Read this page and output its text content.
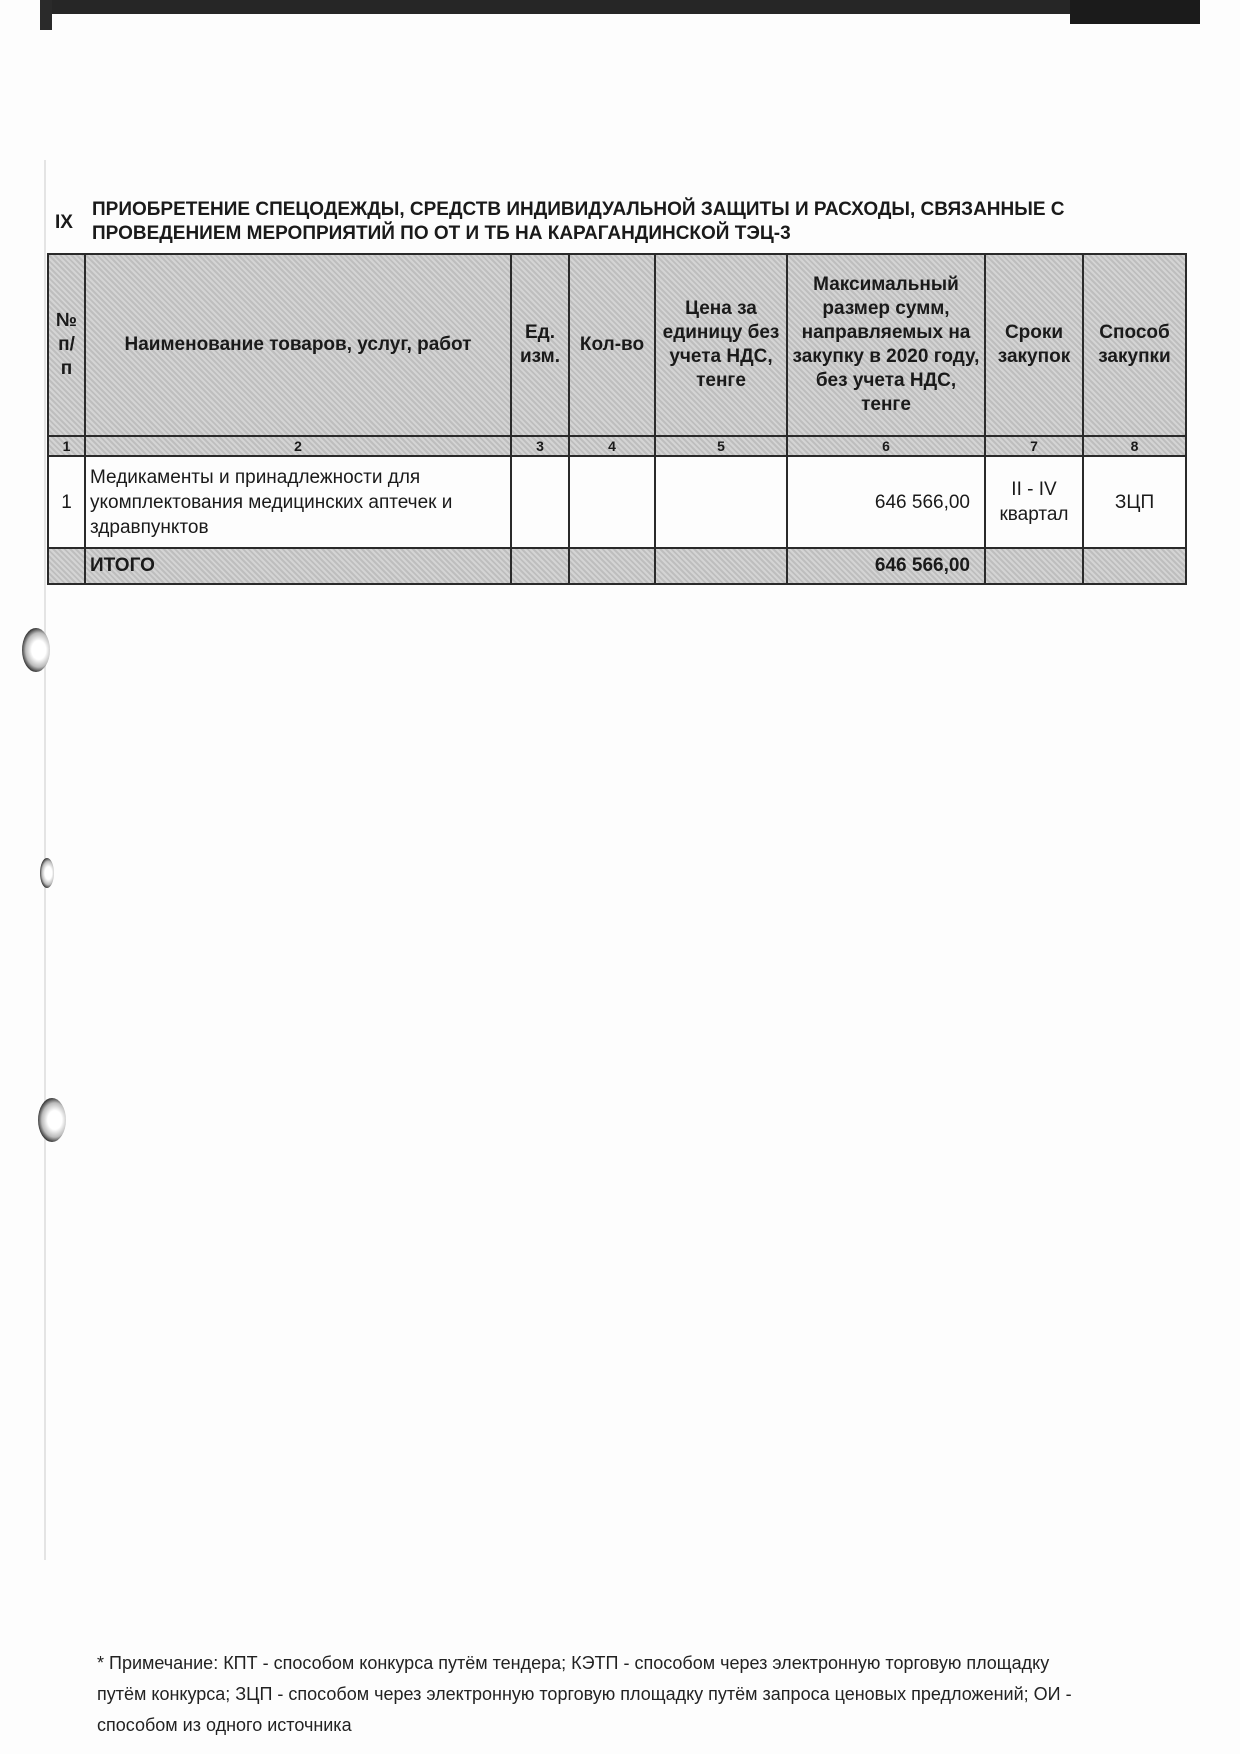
IX
ПРИОБРЕТЕНИЕ СПЕЦОДЕЖДЫ, СРЕДСТВ ИНДИВИДУАЛЬНОЙ ЗАЩИТЫ И РАСХОДЫ, СВЯЗАННЫЕ С ПРОВЕДЕНИЕМ МЕРОПРИЯТИЙ ПО ОТ И ТБ НА КАРАГАНДИНСКОЙ ТЭЦ-3
№ п/п	Наименование товаров, услуг, работ	Ед. изм.	Кол-во	Цена за единицу без учета НДС, тенге	Максимальный размер сумм, направляемых на закупку в 2020 году, без учета НДС, тенге	Сроки закупок	Способ закупки
1	2	3	4	5	6	7	8
1	Медикаменты и принадлежности для укомплектования медицинских аптечек и здравпунктов				646 566,00	II - IV квартал	ЗЦП
	ИТОГО				646 566,00		
* Примечание: КПТ - способом конкурса путём тендера; КЭТП - способом через электронную торговую площадку путём конкурса; ЗЦП - способом через электронную торговую площадку путём запроса ценовых предложений; ОИ - способом из одного источника
